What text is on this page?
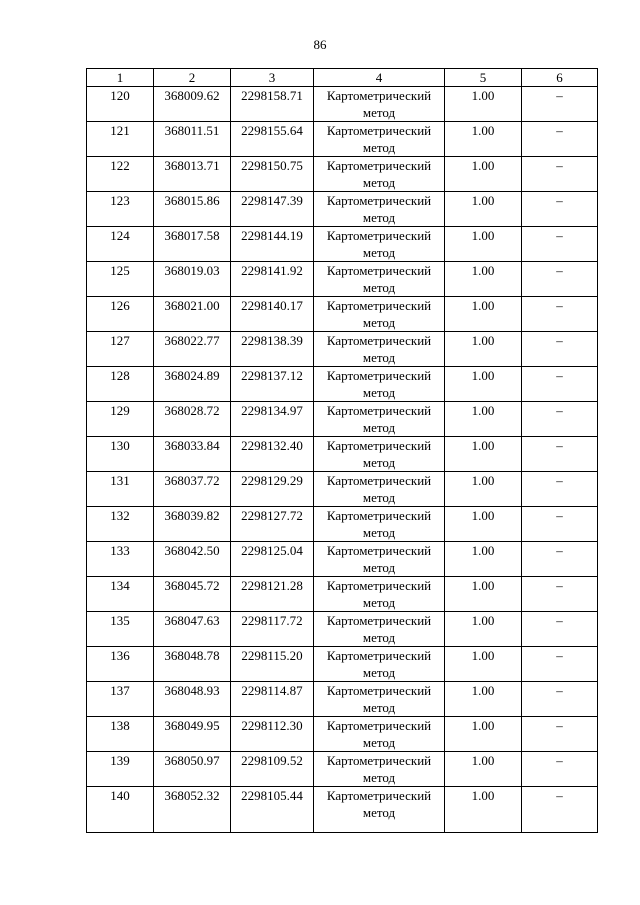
86
1	2	3	4	5	6
120	368009.62	2298158.71	Картометрический метод	1.00	–
121	368011.51	2298155.64	Картометрический метод	1.00	–
122	368013.71	2298150.75	Картометрический метод	1.00	–
123	368015.86	2298147.39	Картометрический метод	1.00	–
124	368017.58	2298144.19	Картометрический метод	1.00	–
125	368019.03	2298141.92	Картометрический метод	1.00	–
126	368021.00	2298140.17	Картометрический метод	1.00	–
127	368022.77	2298138.39	Картометрический метод	1.00	–
128	368024.89	2298137.12	Картометрический метод	1.00	–
129	368028.72	2298134.97	Картометрический метод	1.00	–
130	368033.84	2298132.40	Картометрический метод	1.00	–
131	368037.72	2298129.29	Картометрический метод	1.00	–
132	368039.82	2298127.72	Картометрический метод	1.00	–
133	368042.50	2298125.04	Картометрический метод	1.00	–
134	368045.72	2298121.28	Картометрический метод	1.00	–
135	368047.63	2298117.72	Картометрический метод	1.00	–
136	368048.78	2298115.20	Картометрический метод	1.00	–
137	368048.93	2298114.87	Картометрический метод	1.00	–
138	368049.95	2298112.30	Картометрический метод	1.00	–
139	368050.97	2298109.52	Картометрический метод	1.00	–
140	368052.32	2298105.44	Картометрический метод	1.00	–
